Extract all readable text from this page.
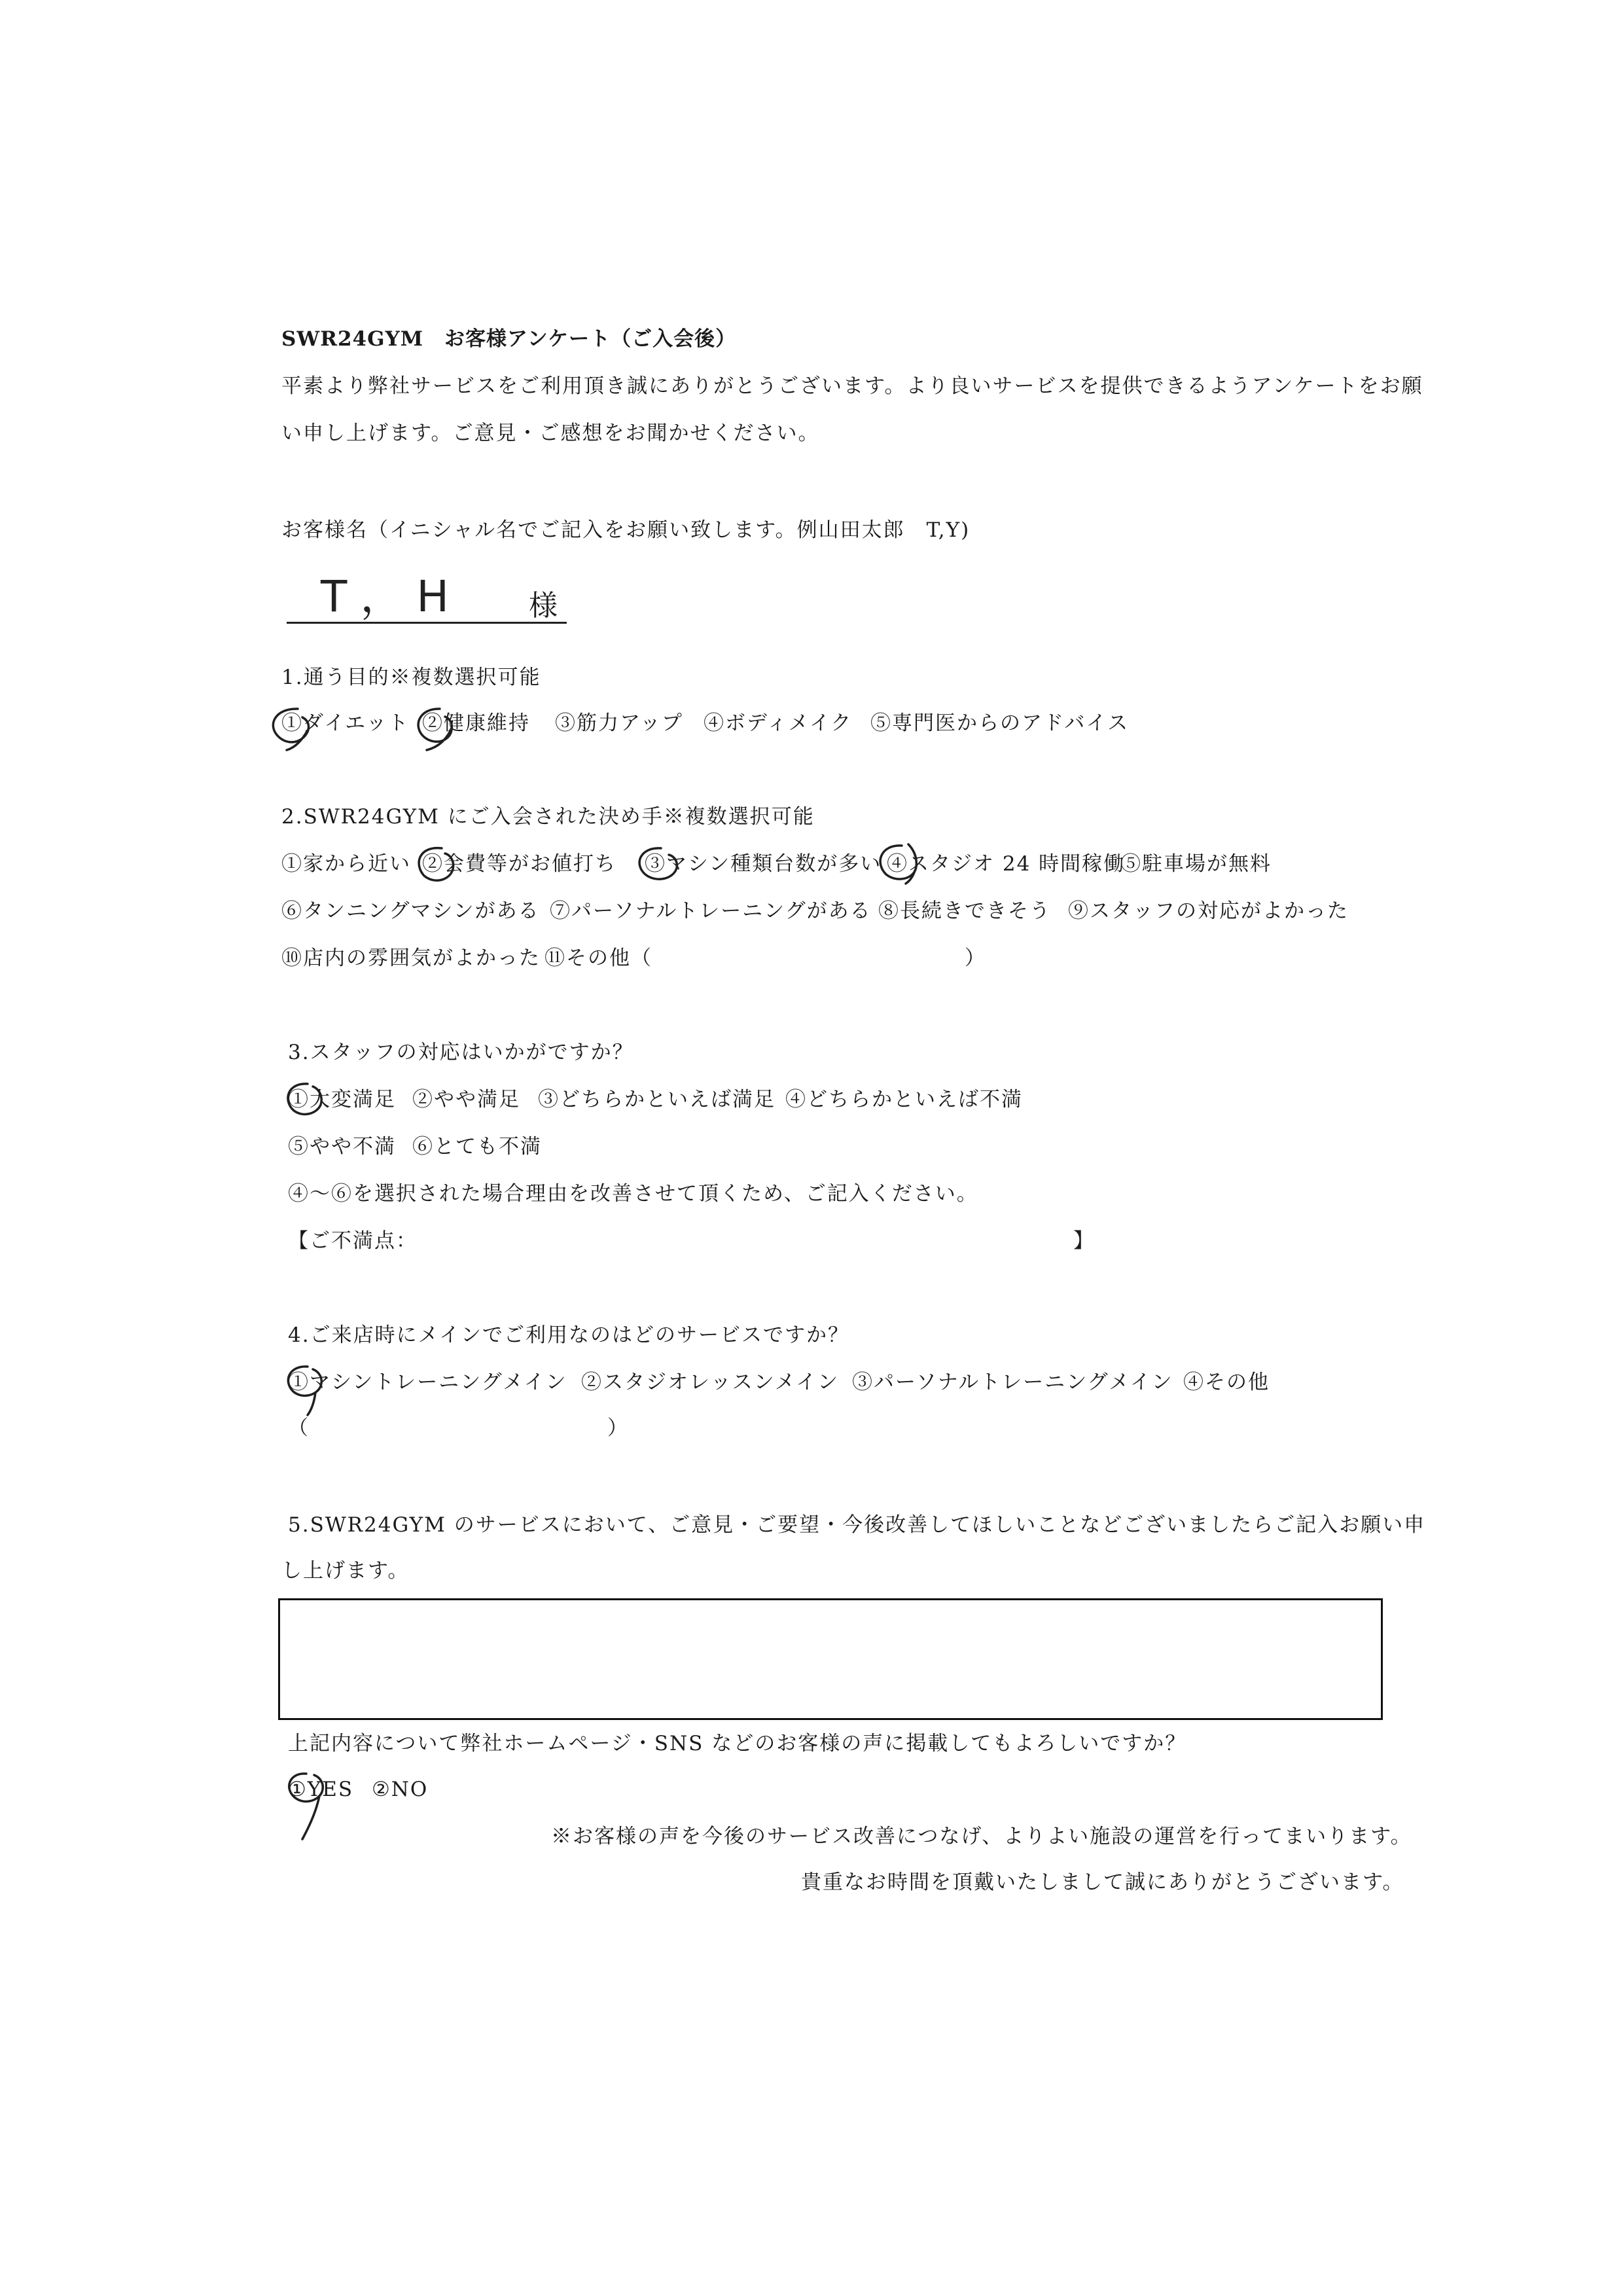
SWR24GYM　お客様アンケート（ご入会後）
平素より弊社サービスをご利用頂き誠にありがとうございます。より良いサービスを提供できるようアンケートをお願
い申し上げます。ご意見・ご感想をお聞かせください。
お客様名（イニシャル名でご記入をお願い致します。例山田太郎　T,Y)
T，H 様
1.通う目的※複数選択可能
①ダイエット ②健康維持 ③筋力アップ ④ボディメイク ⑤専門医からのアドバイス
2.SWR24GYM にご入会された決め手※複数選択可能
①家から近い ②会費等がお値打ち ③マシン種類台数が多い ④スタジオ 24 時間稼働
⑤駐車場が無料
⑥タンニングマシンがある ⑦パーソナルトレーニングがある ⑧長続きできそう ⑨スタッフの対応がよかった
⑩店内の雰囲気がよかった ⑪その他（	）
3.スタッフの対応はいかがですか？
①大変満足 ②やや満足 ③どちらかといえば満足 ④どちらかといえば不満
⑤やや不満 ⑥とても不満
④～⑥を選択された場合理由を改善させて頂くため、ご記入ください。
【ご不満点：	】
4.ご来店時にメインでご利用なのはどのサービスですか？
①マシントレーニングメイン ②スタジオレッスンメイン ③パーソナルトレーニングメイン ④その他
（	）
5.SWR24GYM のサービスにおいて、ご意見・ご要望・今後改善してほしいことなどございましたらご記入お願い申
し上げます。
上記内容について弊社ホームページ・SNS などのお客様の声に掲載してもよろしいですか？
①YES ②NO
※お客様の声を今後のサービス改善につなげ、よりよい施設の運営を行ってまいります。
貴重なお時間を頂戴いたしまして誠にありがとうございます。
